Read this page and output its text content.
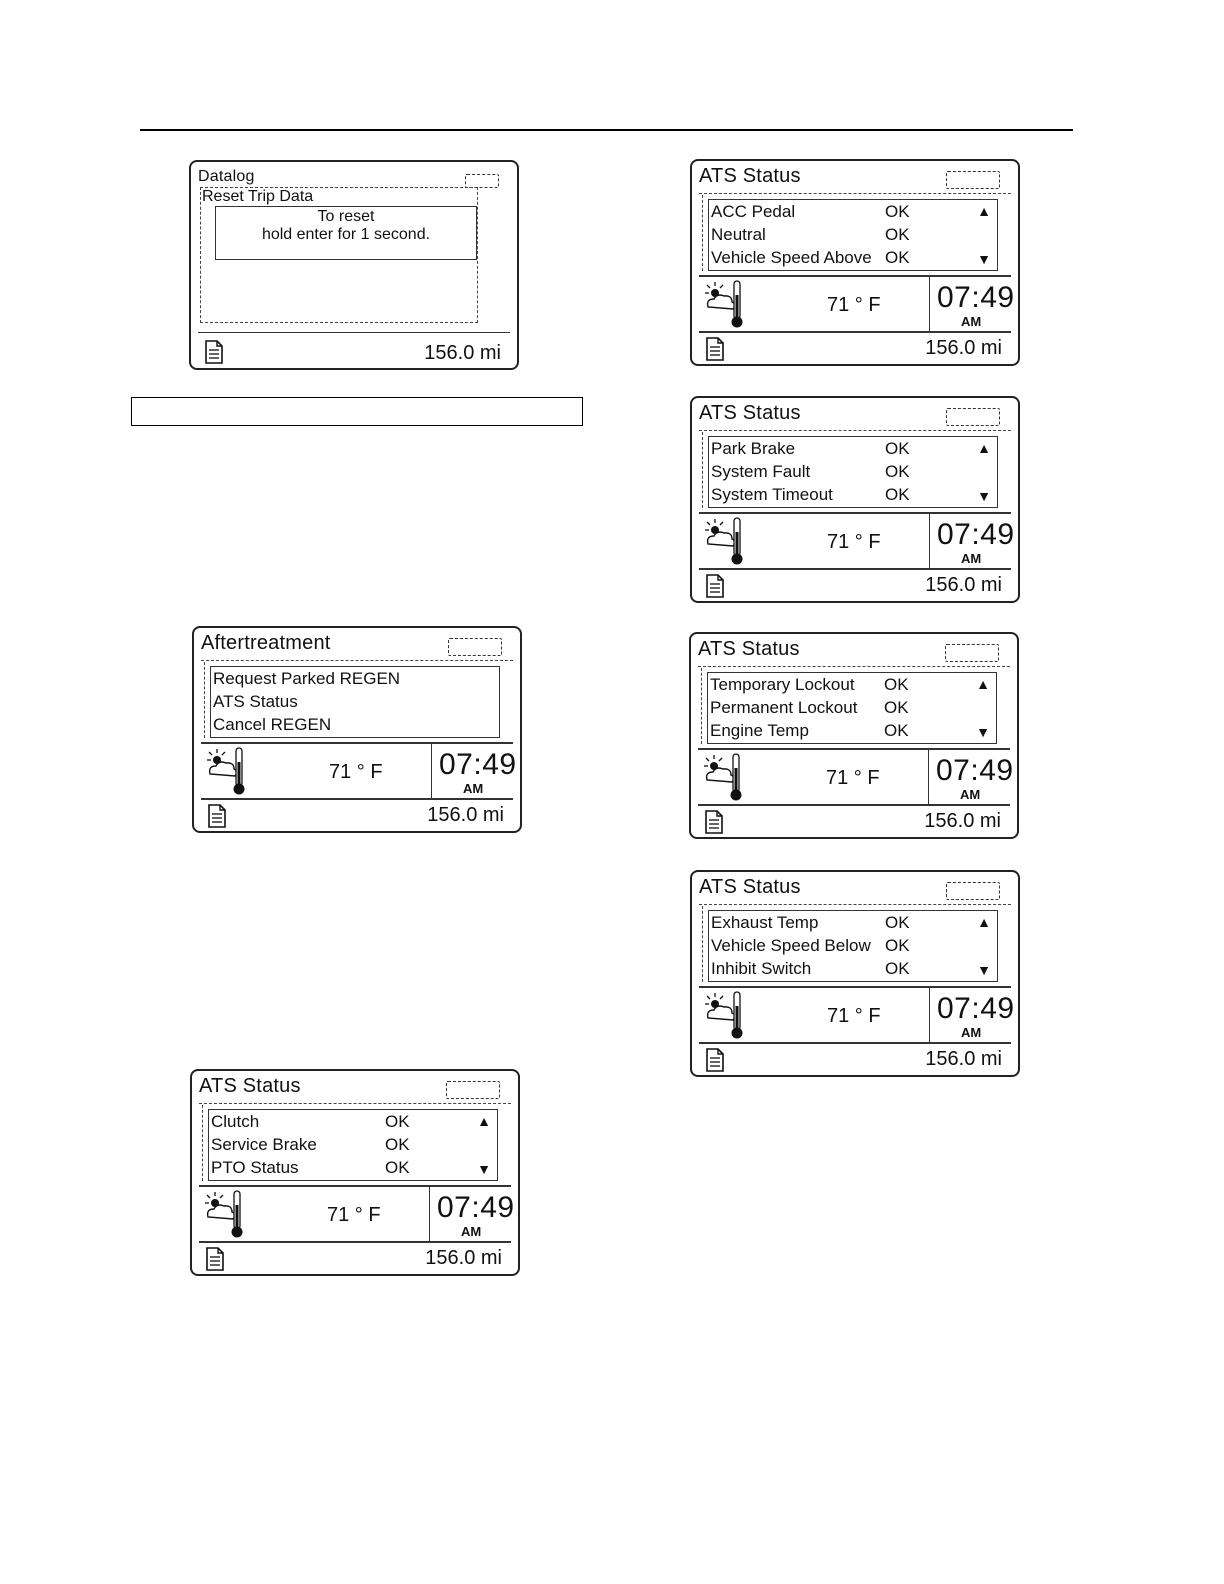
Datalog
Reset Trip Data
To reset
hold enter for 1 second.
156.0 mi
Aftertreatment
Request Parked REGEN
ATS Status
Cancel REGEN
71 ° F 07:49
AM
156.0 mi
ATS Status
Clutch	OK
Service Brake	OK
PTO Status	OK
▲
▼
71 ° F 07:49
AM
156.0 mi
ATS Status
ACC Pedal	OK
Neutral	OK
Vehicle Speed Above OK
▲
▼
71 ° F 07:49
AM
156.0 mi
ATS Status
Park Brake	OK
System Fault	OK
System Timeout	OK
▲
▼
71 ° F 07:49
AM
156.0 mi
ATS Status
Temporary Lockout OK
Permanent Lockout OK
Engine Temp	OK
▲
▼
71 ° F 07:49
AM
156.0 mi
ATS Status
Exhaust Temp	OK
Vehicle Speed Below OK
Inhibit Switch	OK
▲
▼
71 ° F 07:49
AM
156.0 mi
